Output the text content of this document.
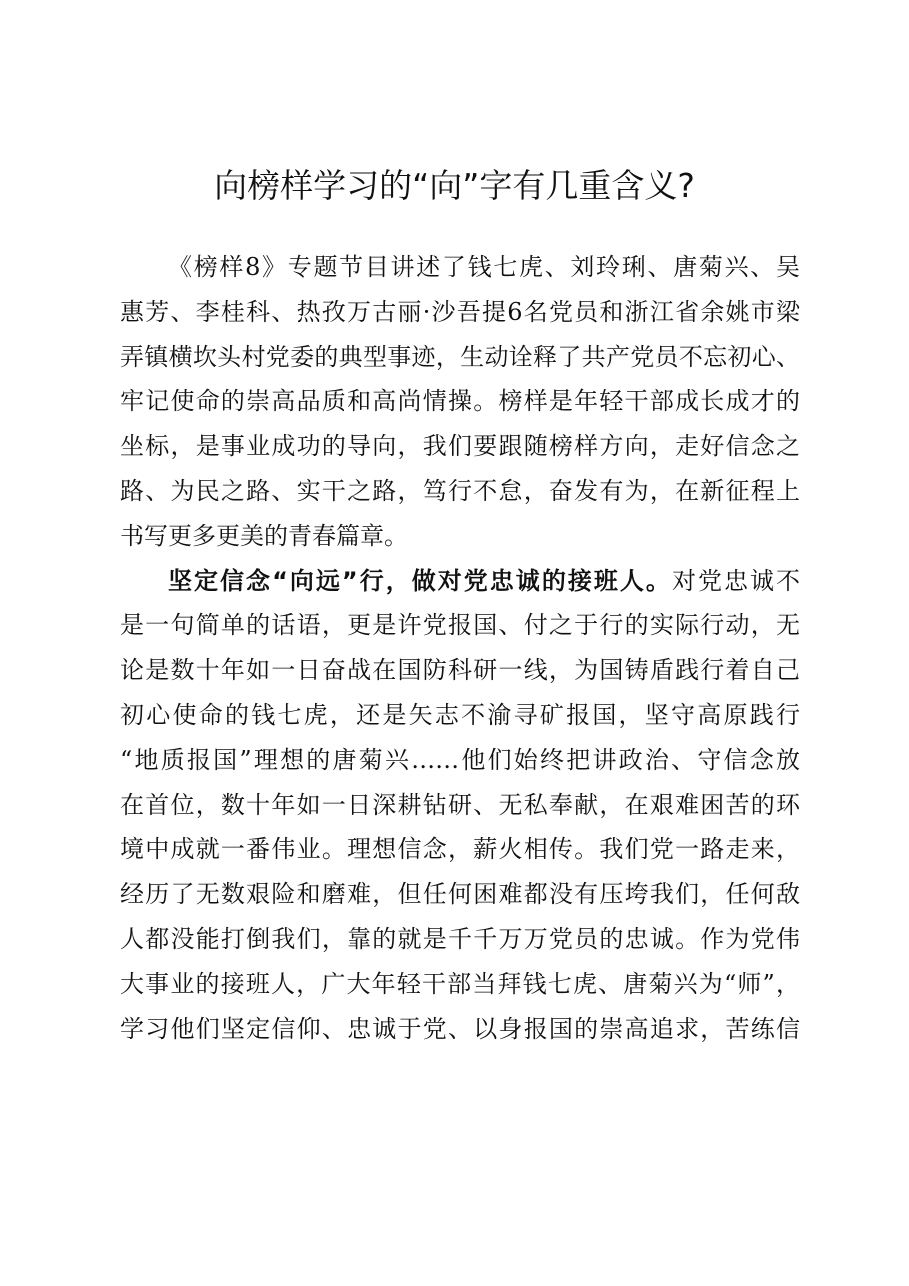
向榜样学习的“向”字有几重含义?
《榜样8》专题节目讲述了钱七虎、刘玲琍、唐菊兴、吴
惠芳、李桂科、热孜万古丽·沙吾提6名党员和浙江省余姚市梁
弄镇横坎头村党委的典型事迹，生动诠释了共产党员不忘初心、
牢记使命的崇高品质和高尚情操。榜样是年轻干部成长成才的
坐标，是事业成功的导向，我们要跟随榜样方向，走好信念之
路、为民之路、实干之路，笃行不怠，奋发有为，在新征程上
书写更多更美的青春篇章。
坚定信念“向远”行，做对党忠诚的接班人。对党忠诚不
是一句简单的话语，更是许党报国、付之于行的实际行动，无
论是数十年如一日奋战在国防科研一线，为国铸盾践行着自己
初心使命的钱七虎，还是矢志不渝寻矿报国，坚守高原践行
“地质报国”理想的唐菊兴……他们始终把讲政治、守信念放
在首位，数十年如一日深耕钻研、无私奉献，在艰难困苦的环
境中成就一番伟业。理想信念，薪火相传。我们党一路走来，
经历了无数艰险和磨难，但任何困难都没有压垮我们，任何敌
人都没能打倒我们，靠的就是千千万万党员的忠诚。作为党伟
大事业的接班人，广大年轻干部当拜钱七虎、唐菊兴为“师”，
学习他们坚定信仰、忠诚于党、以身报国的崇高追求，苦练信
